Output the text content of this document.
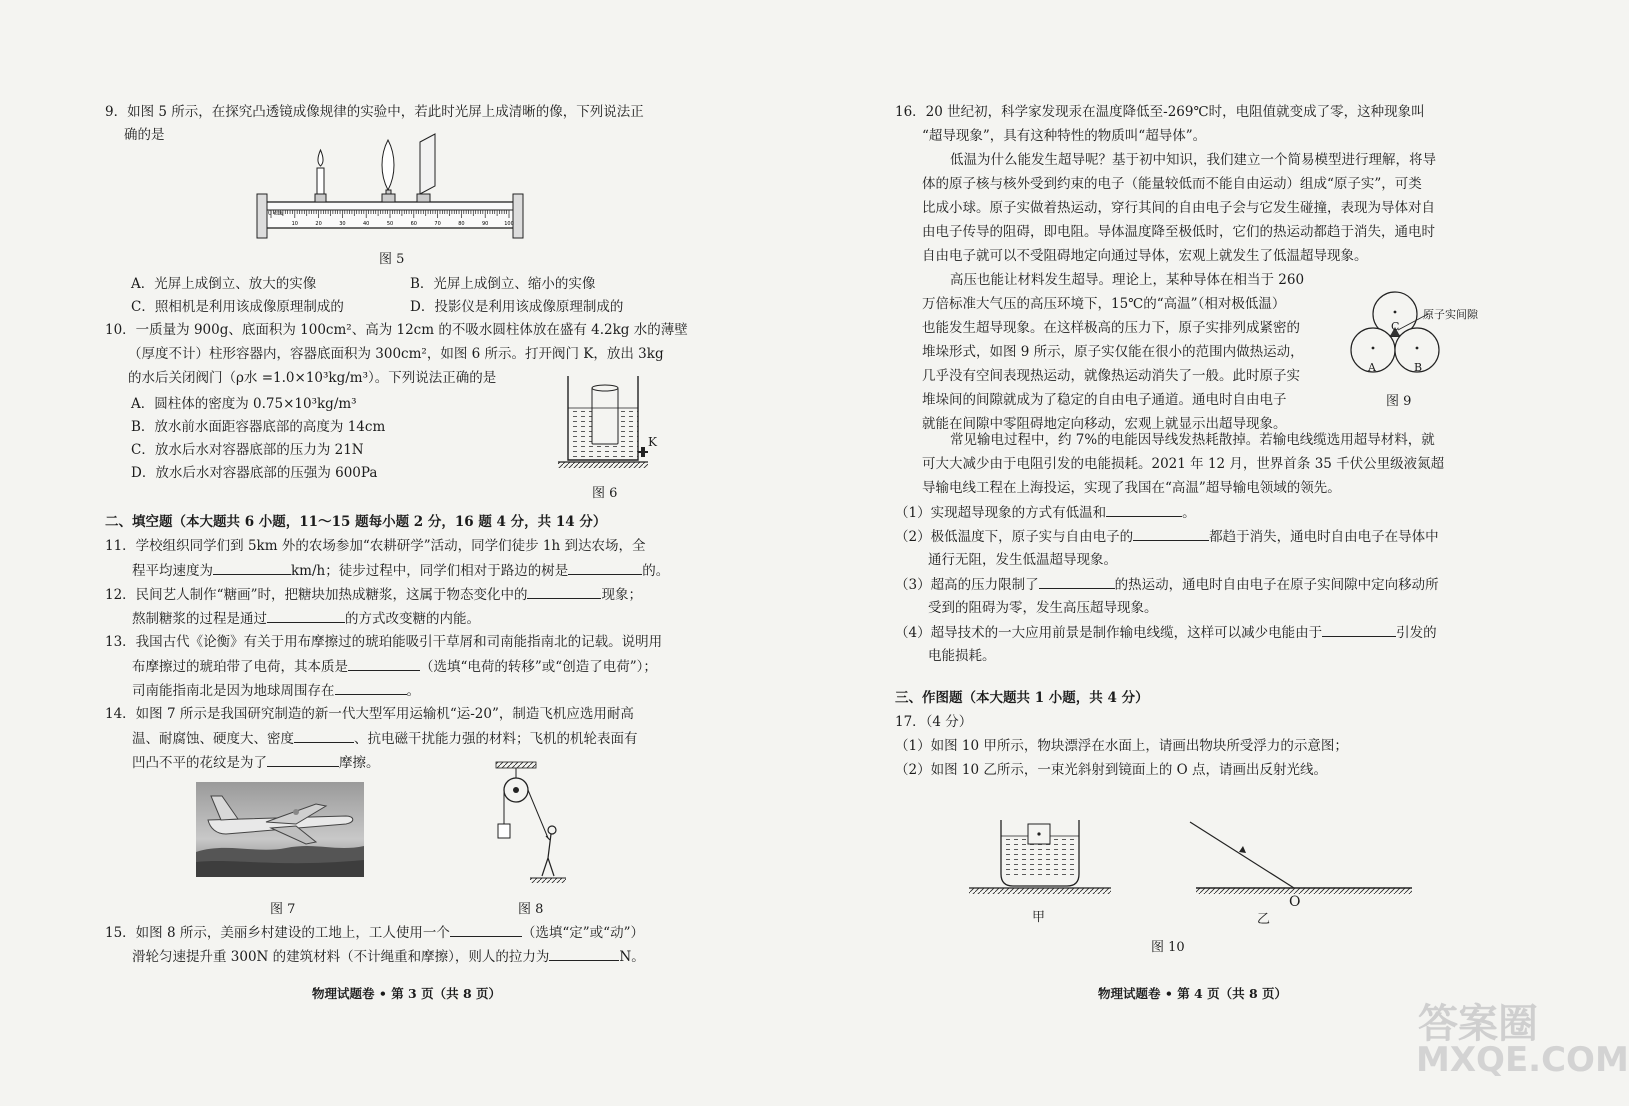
9．如图 5 所示，在探究凸透镜成像规律的实验中，若此时光屏上成清晰的像，下列说法正
确的是
10	20	30	40	50	60	70	80	90	100
0 cm
图 5
A．光屏上成倒立、放大的实像	B．光屏上成倒立、缩小的实像
C．照相机是利用该成像原理制成的	D．投影仪是利用该成像原理制成的
10．一质量为 900g、底面积为 100cm²、高为 12cm 的不吸水圆柱体放在盛有 4.2kg 水的薄壁
（厚度不计）柱形容器内，容器底面积为 300cm²，如图 6 所示。打开阀门 K，放出 3kg
的水后关闭阀门（ρ水 =1.0×10³kg/m³）。下列说法正确的是
A．圆柱体的密度为 0.75×10³kg/m³
B．放水前水面距容器底部的高度为 14cm
C．放水后水对容器底部的压力为 21N
D．放水后水对容器底部的压强为 600Pa
K
图 6
二、填空题（本大题共 6 小题，11～15 题每小题 2 分，16 题 4 分，共 14 分）
11．学校组织同学们到 5km 外的农场参加“农耕研学”活动，同学们徒步 1h 到达农场，全
程平均速度为	km/h；徒步过程中，同学们相对于路边的树是	的。
12．民间艺人制作“糖画”时，把糖块加热成糖浆，这属于物态变化中的	现象；
熬制糖浆的过程是通过	的方式改变糖的内能。
13．我国古代《论衡》有关于用布摩擦过的琥珀能吸引干草屑和司南能指南北的记载。说明用
布摩擦过的琥珀带了电荷，其本质是	（选填“电荷的转移”或“创造了电荷”）；
司南能指南北是因为地球周围存在	。
14．如图 7 所示是我国研究制造的新一代大型军用运输机“运-20”，制造飞机应选用耐高
温、耐腐蚀、硬度大、密度	、抗电磁干扰能力强的材料；飞机的机轮表面有
凹凸不平的花纹是为了	摩擦。
图 7	图 8
15．如图 8 所示，美丽乡村建设的工地上，工人使用一个	（选填“定”或“动”）
滑轮匀速提升重 300N 的建筑材料（不计绳重和摩擦），则人的拉力为	N。
物理试题卷 • 第 3 页（共 8 页）
16．20 世纪初，科学家发现汞在温度降低至-269℃时，电阻值就变成了零，这种现象叫
“超导现象”，具有这种特性的物质叫“超导体”。
低温为什么能发生超导呢？基于初中知识，我们建立一个简易模型进行理解，将导
体的原子核与核外受到约束的电子（能量较低而不能自由运动）组成“原子实”，可类
比成小球。原子实做着热运动，穿行其间的自由电子会与它发生碰撞，表现为导体对自
由电子传导的阻碍，即电阻。导体温度降至极低时，它们的热运动都趋于消失，通电时
自由电子就可以不受阻碍地定向通过导体，宏观上就发生了低温超导现象。
高压也能让材料发生超导。理论上，某种导体在相当于 260
万倍标准大气压的高压环境下，15℃的“高温”（相对极低温）
也能发生超导现象。在这样极高的压力下，原子实排列成紧密的
堆垛形式，如图 9 所示，原子实仅能在很小的范围内做热运动，
几乎没有空间表现热运动，就像热运动消失了一般。此时原子实
堆垛间的间隙就成为了稳定的自由电子通道。通电时自由电子
就能在间隙中零阻碍地定向移动，宏观上就显示出超导现象。
原子实间隙
C
A	B
图 9
常见输电过程中，约 7%的电能因导线发热耗散掉。若输电线缆选用超导材料，就
可大大减少由于电阻引发的电能损耗。2021 年 12 月，世界首条 35 千伏公里级液氮超
导输电线工程在上海投运，实现了我国在“高温”超导输电领域的领先。
（1）实现超导现象的方式有低温和	。
（2）极低温度下，原子实与自由电子的	都趋于消失，通电时自由电子在导体中
通行无阻，发生低温超导现象。
（3）超高的压力限制了	的热运动，通电时自由电子在原子实间隙中定向移动所
受到的阻碍为零，发生高压超导现象。
（4）超导技术的一大应用前景是制作输电线缆，这样可以减少电能由于	引发的
电能损耗。
三、作图题（本大题共 1 小题，共 4 分）
17．（4 分）
（1）如图 10 甲所示，物块漂浮在水面上，请画出物块所受浮力的示意图；
（2）如图 10 乙所示，一束光斜射到镜面上的 O 点，请画出反射光线。
甲
O
乙
图 10
物理试题卷 • 第 4 页（共 8 页）
答案圈
MXQE.COM
